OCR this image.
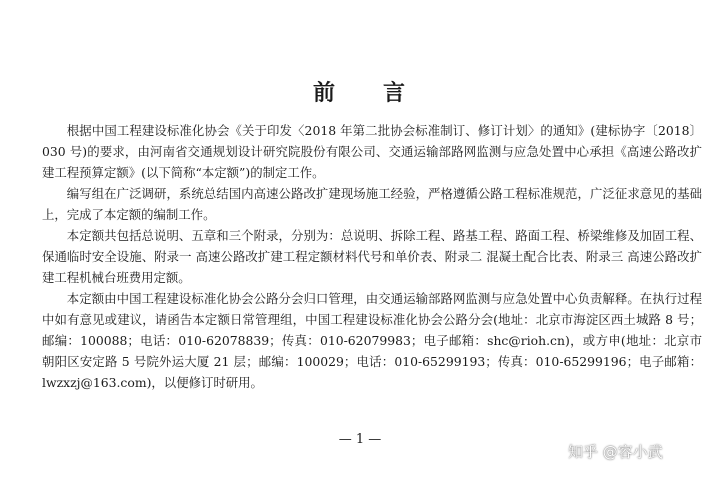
前 言

根据中国工程建设标准化协会《关于印发〈2018 年第二批协会标准制订、修订计划〉的通知》(建标协字〔2018〕030 号)的要求，由河南省交通规划设计研究院股份有限公司、交通运输部路网监测与应急处置中心承担《高速公路改扩建工程预算定额》(以下简称“本定额”)的制定工作。

编写组在广泛调研，系统总结国内高速公路改扩建现场施工经验，严格遵循公路工程标准规范，广泛征求意见的基础上，完成了本定额的编制工作。

本定额共包括总说明、五章和三个附录，分别为：总说明、拆除工程、路基工程、路面工程、桥梁维修及加固工程、保通临时安全设施、附录一 高速公路改扩建工程定额材料代号和单价表、附录二 混凝土配合比表、附录三 高速公路改扩建工程机械台班费用定额。

本定额由中国工程建设标准化协会公路分会归口管理，由交通运输部路网监测与应急处置中心负责解释。在执行过程中如有意见或建议，请函告本定额日常管理组，中国工程建设标准化协会公路分会(地址：北京市海淀区西土城路 8 号；邮编：100088；电话：010-62078839；传真：010-62079983；电子邮箱：shc@rioh.cn)，或方申(地址：北京市朝阳区安定路 5 号院外运大厦 21 层；邮编：100029；电话：010-65299193；传真：010-65299196；电子邮箱：lwzxzj@163.com)，以便修订时研用。

— 1 —
知乎 @容小武
